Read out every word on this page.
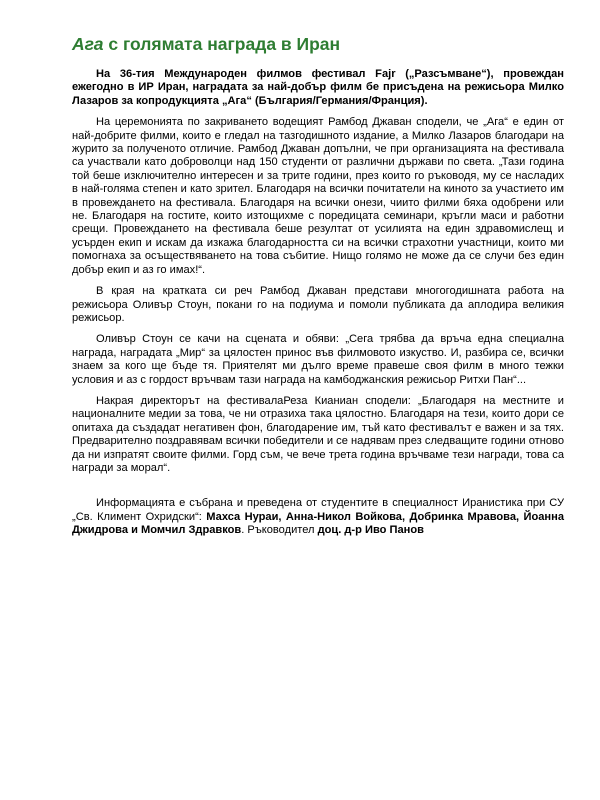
Ага с голямата награда в Иран

На 36-тия Международен филмов фестивал Fajr („Разсъмване“), провеждан ежегодно в ИР Иран, наградата за най-добър филм бе присъдена на режисьора Милко Лазаров за копродукцията „Ага“ (България/Германия/Франция).

На церемонията по закриването водещият Рамбод Джаван сподели, че „Ага“ е един от най-добрите филми, които е гледал на тазгодишното издание, а Милко Лазаров благодари на журито за полученото отличие. Рамбод Джаван допълни, че при организацията на фестивала са участвали като доброволци над 150 студенти от различни държави по света. „Тази година той беше изключително интересен и за трите години, през които го ръководя, му се насладих в най-голяма степен и като зрител. Благодаря на всички почитатели на киното за участието им в провеждането на фестивала. Благодаря на всички онези, чиито филми бяха одобрени или не. Благодаря на гостите, които изтощихме с поредицата семинари, кръгли маси и работни срещи. Провеждането на фестивала беше резултат от усилията на един здравомислещ и усърден екип и искам да изкажа благодарността си на всички страхотни участници, които ми помогнаха за осъществяването на това събитие. Нищо голямо не може да се случи без един добър екип и аз го имах!“.

В края на кратката си реч Рамбод Джаван представи многогодишната работа на режисьора Оливър Стоун, покани го на подиума и помоли публиката да аплодира великия режисьор.

Оливър Стоун се качи на сцената и обяви: „Сега трябва да връча една специална награда, наградата „Мир“ за цялостен принос във филмовото изкуство. И, разбира се, всички знаем за кого ще бъде тя. Приятелят ми дълго време правеше своя филм в много тежки условия и аз с гордост връчвам тази награда на камбоджанския режисьор Ритхи Пан“...

Накрая директорът на фестивалаРеза Кианиан сподели: „Благодаря на местните и националните медии за това, че ни отразиха така цялостно. Благодаря на тези, които дори се опитаха да създадат негативен фон, благодарение им, тъй като фестивалът е важен и за тях. Предварително поздравявам всички победители и се надявам през следващите години отново да ни изпратят своите филми. Горд съм, че вече трета година връчваме тези награди, това са награди за морал“.

Информацията е събрана и преведена от студентите в специалност Иранистика при СУ „Св. Климент Охридски“: Махса Нураи, Анна-Никол Войкова, Добринка Мравова, Йоанна Джидрова и Момчил Здравков. Ръководител доц. д-р Иво Панов
